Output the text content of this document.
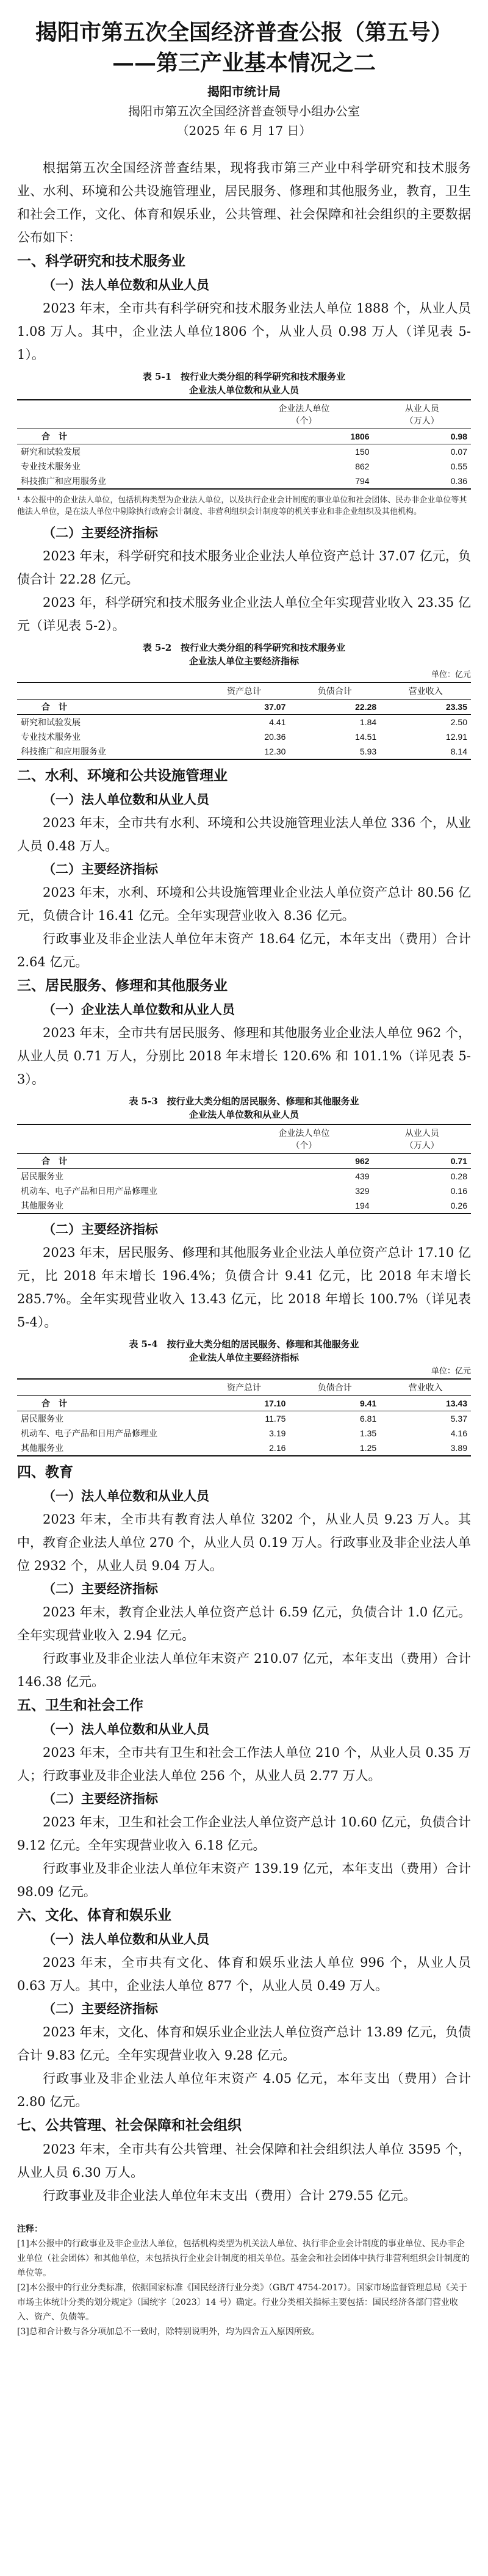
揭阳市第五次全国经济普查公报（第五号）
——第三产业基本情况之二
揭阳市统计局
揭阳市第五次全国经济普查领导小组办公室
（2025 年 6 月 17 日）

根据第五次全国经济普查结果，现将我市第三产业中科学研究和技术服务业、水利、环境和公共设施管理业，居民服务、修理和其他服务业，教育，卫生和社会工作，文化、体育和娱乐业，公共管理、社会保障和社会组织的主要数据公布如下：

一、科学研究和技术服务业
（一）法人单位数和从业人员

2023 年末，全市共有科学研究和技术服务业法人单位 1888 个，从业人员 1.08 万人。其中，企业法人单位1806 个，从业人员 0.98 万人（详见表 5-1）。

表 5-1　按行业大类分组的科学研究和技术服务业
企业法人单位数和从业人员
	企业法人单位
（个）	从业人员
（万人）
合　计	1806	0.98
研究和试验发展	150	0.07
专业技术服务业	862	0.55
科技推广和应用服务业	794	0.36
¹ 本公报中的企业法人单位，包括机构类型为企业法人单位，以及执行企业会计制度的事业单位和社会团体、民办非企业单位等其他法人单位，是在法人单位中剔除执行政府会计制度、非营利组织会计制度等的机关事业和非企业组织及其他机构。
（二）主要经济指标

2023 年末，科学研究和技术服务业企业法人单位资产总计 37.07 亿元，负债合计 22.28 亿元。

2023 年，科学研究和技术服务业企业法人单位全年实现营业收入 23.35 亿元（详见表 5-2）。

表 5-2　按行业大类分组的科学研究和技术服务业
企业法人单位主要经济指标
单位：亿元
	资产总计	负债合计	营业收入
合　计	37.07	22.28	23.35
研究和试验发展	4.41	1.84	2.50
专业技术服务业	20.36	14.51	12.91
科技推广和应用服务业	12.30	5.93	8.14
二、水利、环境和公共设施管理业
（一）法人单位数和从业人员

2023 年末，全市共有水利、环境和公共设施管理业法人单位 336 个，从业人员 0.48 万人。

（二）主要经济指标

2023 年末，水利、环境和公共设施管理业企业法人单位资产总计 80.56 亿元，负债合计 16.41 亿元。全年实现营业收入 8.36 亿元。

行政事业及非企业法人单位年末资产 18.64 亿元，本年支出（费用）合计 2.64 亿元。

三、居民服务、修理和其他服务业
（一）企业法人单位数和从业人员

2023 年末，全市共有居民服务、修理和其他服务业企业法人单位 962 个，从业人员 0.71 万人，分别比 2018 年末增长 120.6% 和 101.1%（详见表 5-3）。

表 5-3　按行业大类分组的居民服务、修理和其他服务业
企业法人单位数和从业人员
	企业法人单位
（个）	从业人员
（万人）
合　计	962	0.71
居民服务业	439	0.28
机动车、电子产品和日用产品修理业	329	0.16
其他服务业	194	0.26
（二）主要经济指标

2023 年末，居民服务、修理和其他服务业企业法人单位资产总计 17.10 亿元，比 2018 年末增长 196.4%；负债合计 9.41 亿元，比 2018 年末增长 285.7%。全年实现营业收入 13.43 亿元，比 2018 年增长 100.7%（详见表 5-4）。

表 5-4　按行业大类分组的居民服务、修理和其他服务业
企业法人单位主要经济指标
单位：亿元
	资产总计	负债合计	营业收入
合　计	17.10	9.41	13.43
居民服务业	11.75	6.81	5.37
机动车、电子产品和日用产品修理业	3.19	1.35	4.16
其他服务业	2.16	1.25	3.89
四、教育
（一）法人单位数和从业人员

2023 年末，全市共有教育法人单位 3202 个，从业人员 9.23 万人。其中，教育企业法人单位 270 个，从业人员 0.19 万人。行政事业及非企业法人单位 2932 个，从业人员 9.04 万人。

（二）主要经济指标

2023 年末，教育企业法人单位资产总计 6.59 亿元，负债合计 1.0 亿元。全年实现营业收入 2.94 亿元。

行政事业及非企业法人单位年末资产 210.07 亿元，本年支出（费用）合计 146.38 亿元。

五、卫生和社会工作
（一）法人单位数和从业人员

2023 年末，全市共有卫生和社会工作法人单位 210 个，从业人员 0.35 万人；行政事业及非企业法人单位 256 个，从业人员 2.77 万人。

（二）主要经济指标

2023 年末，卫生和社会工作企业法人单位资产总计 10.60 亿元，负债合计 9.12 亿元。全年实现营业收入 6.18 亿元。

行政事业及非企业法人单位年末资产 139.19 亿元，本年支出（费用）合计 98.09 亿元。

六、文化、体育和娱乐业
（一）法人单位数和从业人员

2023 年末，全市共有文化、体育和娱乐业法人单位 996 个，从业人员 0.63 万人。其中，企业法人单位 877 个，从业人员 0.49 万人。

（二）主要经济指标

2023 年末，文化、体育和娱乐业企业法人单位资产总计 13.89 亿元，负债合计 9.83 亿元。全年实现营业收入 9.28 亿元。

行政事业及非企业法人单位年末资产 4.05 亿元，本年支出（费用）合计 2.80 亿元。

七、公共管理、社会保障和社会组织

2023 年末，全市共有公共管理、社会保障和社会组织法人单位 3595 个，从业人员 6.30 万人。

行政事业及非企业法人单位年末支出（费用）合计 279.55 亿元。

注释：
[1]本公报中的行政事业及非企业法人单位，包括机构类型为机关法人单位、执行非企业会计制度的事业单位、民办非企业单位（社会团体）和其他单位，未包括执行企业会计制度的相关单位。基金会和社会团体中执行非营利组织会计制度的单位等。
[2]本公报中的行业分类标准，依据国家标准《国民经济行业分类》（GB/T 4754-2017）。国家市场监督管理总局《关于市场主体统计分类的划分规定》（国统字〔2023〕14 号）确定。行业分类相关指标主要包括：国民经济各部门营业收入、资产、负债等。
[3]总和合计数与各分项加总不一致时，除特别说明外，均为四舍五入原因所致。
